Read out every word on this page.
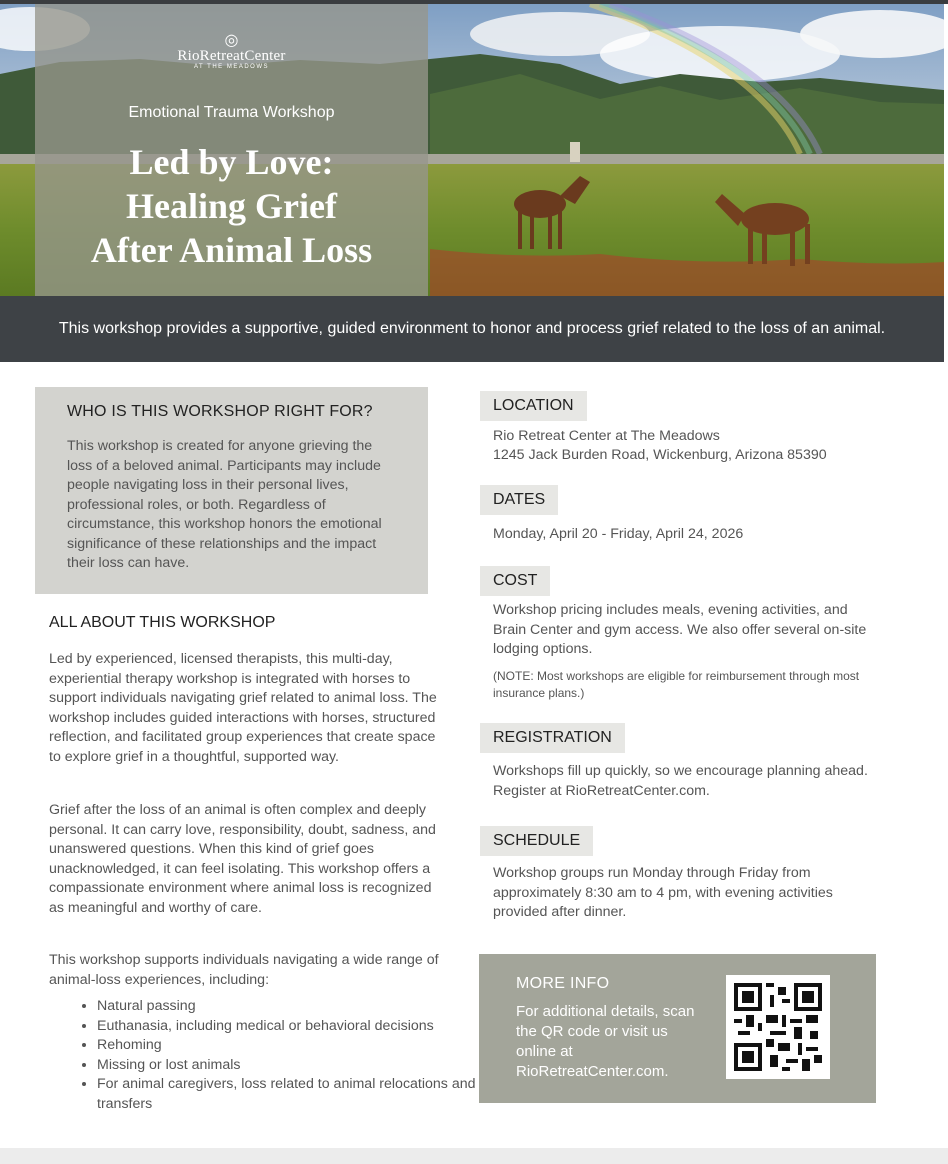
◎
RioRetreatCenter
AT THE MEADOWS
Emotional Trauma Workshop
Led by Love:
Healing Grief
After Animal Loss
This workshop provides a supportive, guided environment to honor and process grief related to the loss of an animal.
WHO IS THIS WORKSHOP RIGHT FOR?
This workshop is created for anyone grieving the loss of a beloved animal. Participants may include people navigating loss in their personal lives, professional roles, or both. Regardless of circumstance, this workshop honors the emotional significance of these relationships and the impact their loss can have.
ALL ABOUT THIS WORKSHOP
Led by experienced, licensed therapists, this multi-day, experiential therapy workshop is integrated with horses to support individuals navigating grief related to animal loss. The workshop includes guided interactions with horses, structured reflection, and facilitated group experiences that create space to explore grief in a thoughtful, supported way.
Grief after the loss of an animal is often complex and deeply personal. It can carry love, responsibility, doubt, sadness, and unanswered questions. When this kind of grief goes unacknowledged, it can feel isolating. This workshop offers a compassionate environment where animal loss is recognized as meaningful and worthy of care.
This workshop supports individuals navigating a wide range of animal-loss experiences, including:
• Natural passing
• Euthanasia, including medical or behavioral decisions
• Rehoming
• Missing or lost animals
• For animal caregivers, loss related to animal relocations and transfers
LOCATION
Rio Retreat Center at The Meadows
1245 Jack Burden Road, Wickenburg, Arizona 85390
DATES
Monday, April 20 - Friday, April 24, 2026
COST
Workshop pricing includes meals, evening activities, and Brain Center and gym access. We also offer several on-site lodging options.
(NOTE: Most workshops are eligible for reimbursement through most insurance plans.)
REGISTRATION
Workshops fill up quickly, so we encourage planning ahead. Register at RioRetreatCenter.com.
SCHEDULE
Workshop groups run Monday through Friday from approximately 8:30 am to 4 pm, with evening activities provided after dinner.
MORE INFO
For additional details, scan the QR code or visit us online at RioRetreatCenter.com.
